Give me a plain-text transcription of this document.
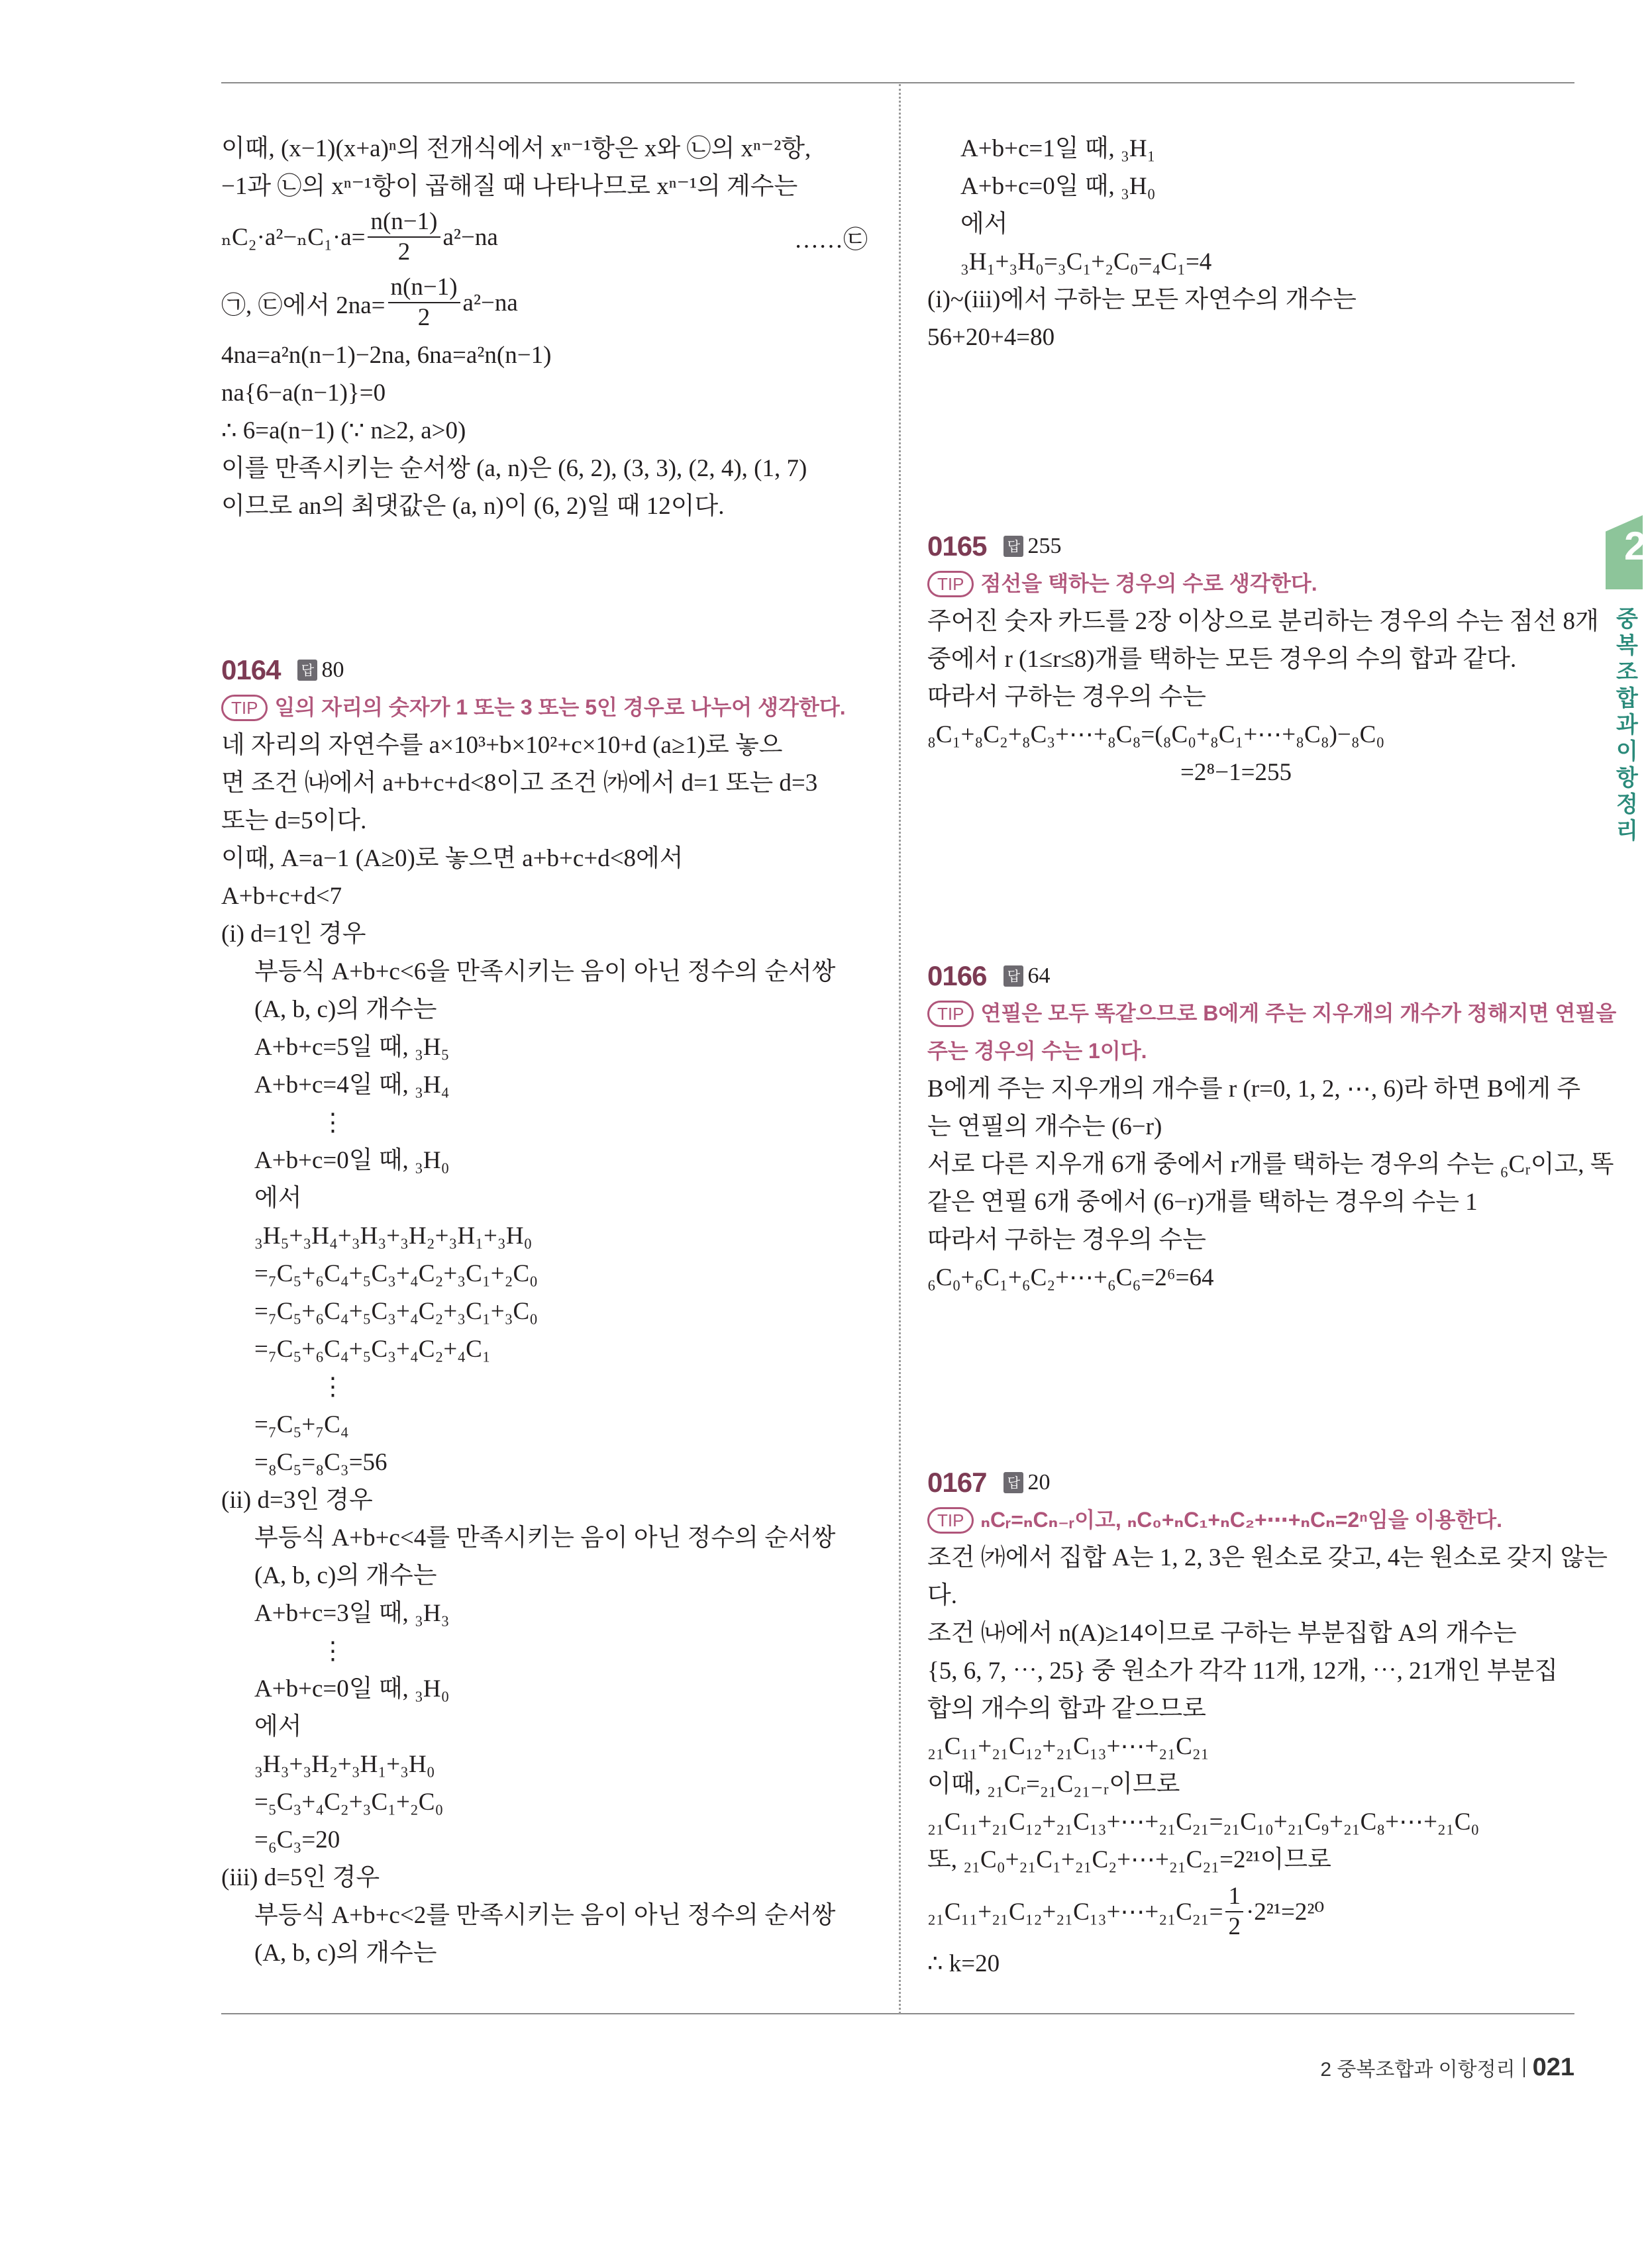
이때, (x−1)(x+a)ⁿ의 전개식에서 xⁿ⁻¹항은 x와 ㉡의 xⁿ⁻²항,
−1과 ㉡의 xⁿ⁻¹항이 곱해질 때 나타나므로 xⁿ⁻¹의 계수는
$_nC_2\cdot a^2-_nC_1\cdot a= \frac{n(n-1)}{2} a^2-na$	……㉢
㉠, ㉢에서 $2na= \frac{n(n-1)}{2} a^2-na$
4na=a²n(n−1)−2na, 6na=a²n(n−1)
na{6−a(n−1)}=0
∴ 6=a(n−1) (∵ n≥2, a>0)
이를 만족시키는 순서쌍 (a, n)은 (6, 2), (3, 3), (2, 4), (1, 7)
이므로 an의 최댓값은 (a, n)이 (6, 2)일 때 12이다.
0164 답 80
TIP 일의 자리의 숫자가 1 또는 3 또는 5인 경우로 나누어 생각한다.
네 자리의 자연수를 a×10³+b×10²+c×10+d (a≥1)로 놓으
면 조건 ㈏에서 a+b+c+d<8이고 조건 ㈎에서 d=1 또는 d=3
또는 d=5이다.
이때, A=a−1 (A≥0)로 놓으면 a+b+c+d<8에서
A+b+c+d<7
(i) d=1인 경우
부등식 A+b+c<6을 만족시키는 음이 아닌 정수의 순서쌍
(A, b, c)의 개수는
A+b+c=5일 때, ₃H₅
A+b+c=4일 때, ₃H₄
⋮
A+b+c=0일 때, ₃H₀
에서
₃H₅+₃H₄+₃H₃+₃H₂+₃H₁+₃H₀
=₇C₅+₆C₄+₅C₃+₄C₂+₃C₁+₂C₀
=₇C₅+₆C₄+₅C₃+₄C₂+₃C₁+₃C₀
=₇C₅+₆C₄+₅C₃+₄C₂+₄C₁
⋮
=₇C₅+₇C₄
=₈C₅=₈C₃=56
(ii) d=3인 경우
부등식 A+b+c<4를 만족시키는 음이 아닌 정수의 순서쌍
(A, b, c)의 개수는
A+b+c=3일 때, ₃H₃
⋮
A+b+c=0일 때, ₃H₀
에서
₃H₃+₃H₂+₃H₁+₃H₀
=₅C₃+₄C₂+₃C₁+₂C₀
=₆C₃=20
(iii) d=5인 경우
부등식 A+b+c<2를 만족시키는 음이 아닌 정수의 순서쌍
(A, b, c)의 개수는
A+b+c=1일 때, ₃H₁
A+b+c=0일 때, ₃H₀
에서
₃H₁+₃H₀=₃C₁+₂C₀=₄C₁=4
(i)~(iii)에서 구하는 모든 자연수의 개수는
56+20+4=80
0165 답 255
TIP 점선을 택하는 경우의 수로 생각한다.
주어진 숫자 카드를 2장 이상으로 분리하는 경우의 수는 점선 8개
중에서 r (1≤r≤8)개를 택하는 모든 경우의 수의 합과 같다.
따라서 구하는 경우의 수는
₈C₁+₈C₂+₈C₃+⋯+₈C₈=(₈C₀+₈C₁+⋯+₈C₈)−₈C₀
=2⁸−1=255
0166 답 64
TIP 연필은 모두 똑같으므로 B에게 주는 지우개의 개수가 정해지면 연필을
주는 경우의 수는 1이다.
B에게 주는 지우개의 개수를 r (r=0, 1, 2, ⋯, 6)라 하면 B에게 주
는 연필의 개수는 (6−r)
서로 다른 지우개 6개 중에서 r개를 택하는 경우의 수는 ₆Cᵣ이고, 똑
같은 연필 6개 중에서 (6−r)개를 택하는 경우의 수는 1
따라서 구하는 경우의 수는
₆C₀+₆C₁+₆C₂+⋯+₆C₆=2⁶=64
0167 답 20
TIP ₙCᵣ=ₙCₙ₋ᵣ이고, ₙC₀+ₙC₁+ₙC₂+⋯+ₙCₙ=2ⁿ임을 이용한다.
조건 ㈎에서 집합 A는 1, 2, 3은 원소로 갖고, 4는 원소로 갖지 않는
다.
조건 ㈏에서 n(A)≥14이므로 구하는 부분집합 A의 개수는
{5, 6, 7, ⋯, 25} 중 원소가 각각 11개, 12개, ⋯, 21개인 부분집
합의 개수의 합과 같으므로
₂₁C₁₁+₂₁C₁₂+₂₁C₁₃+⋯+₂₁C₂₁
이때, ₂₁Cᵣ=₂₁C₂₁₋ᵣ이므로
₂₁C₁₁+₂₁C₁₂+₂₁C₁₃+⋯+₂₁C₂₁=₂₁C₁₀+₂₁C₉+₂₁C₈+⋯+₂₁C₀
또, ₂₁C₀+₂₁C₁+₂₁C₂+⋯+₂₁C₂₁=2²¹이므로
₂₁C₁₁+₂₁C₁₂+₂₁C₁₃+⋯+₂₁C₂₁= $\frac{1}{2} \cdot 2^{21}=2^{20}$
∴ k=20
2
중복조합과 이항정리
2 중복조합과 이항정리 021
